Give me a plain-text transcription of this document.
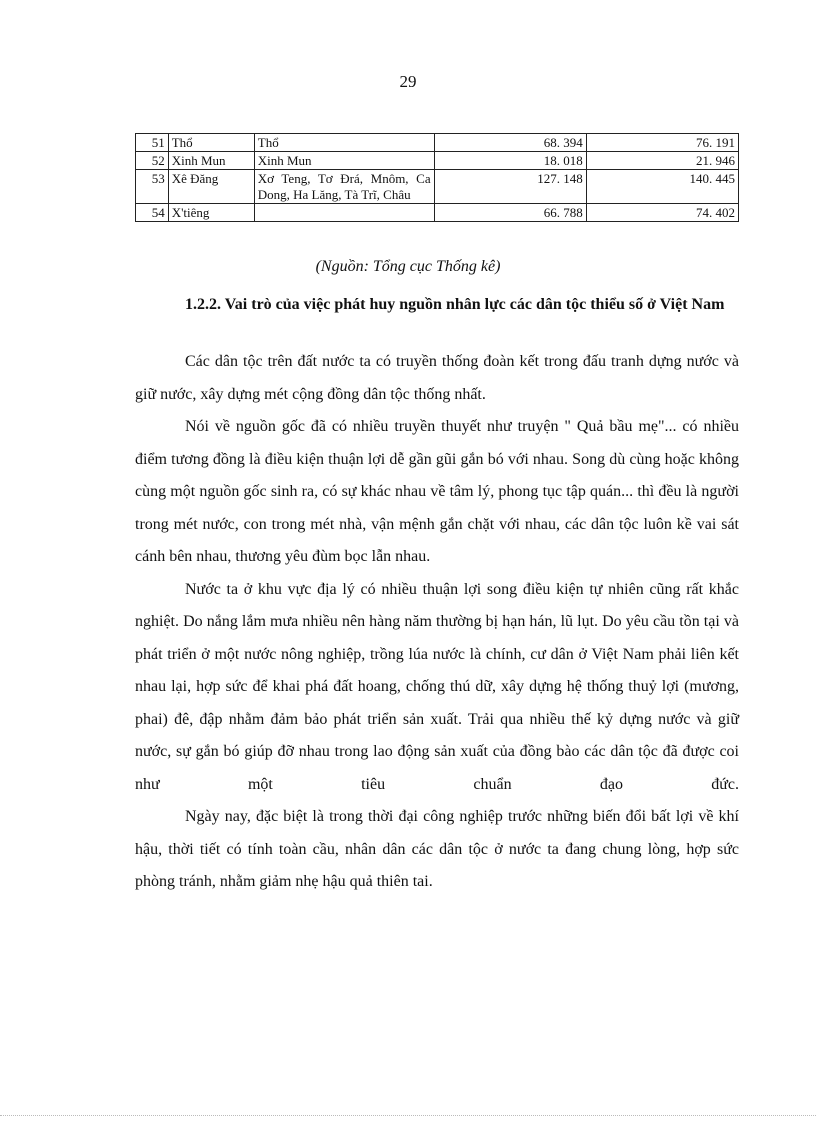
29
51	Thổ	Thổ	68. 394	76. 191
52	Xinh Mun	Xinh Mun	18. 018	21. 946
53	Xê Đăng	Xơ Teng, Tơ Đrá, Mnôm, Ca Dong, Ha Lăng, Tà Trĩ, Châu	127. 148	140. 445
54	X'tiêng		66. 788	74. 402
(Nguồn: Tổng cục Thống kê)

1.2.2. Vai trò của việc phát huy nguồn nhân lực các dân tộc thiểu số ở Việt Nam

Các dân tộc trên đất nước ta có truyền thống đoàn kết trong đấu tranh dựng nước và giữ nước, xây dựng mét cộng đồng dân tộc thống nhất.

Nói về nguồn gốc đã có nhiều truyền thuyết như truyện " Quả bầu mẹ"... có nhiều điểm tương đồng là điều kiện thuận lợi dễ gần gũi gắn bó với nhau. Song dù cùng hoặc không cùng một nguồn gốc sinh ra, có sự khác nhau về tâm lý, phong tục tập quán... thì đều là người trong mét nước, con trong mét nhà, vận mệnh gắn chặt với nhau, các dân tộc luôn kề vai sát cánh bên nhau, thương yêu đùm bọc lẫn nhau.

Nước ta ở khu vực địa lý có nhiều thuận lợi song điều kiện tự nhiên cũng rất khắc nghiệt. Do nắng lắm mưa nhiều nên hàng năm thường bị hạn hán, lũ lụt. Do yêu cầu tồn tại và phát triển ở một nước nông nghiệp, trồng lúa nước là chính, cư dân ở Việt Nam phải liên kết nhau lại, hợp sức để khai phá đất hoang, chống thú dữ, xây dựng hệ thống thuỷ lợi (mương, phai) đê, đập nhằm đảm bảo phát triển sản xuất. Trải qua nhiều thế kỷ dựng nước và giữ nước, sự gắn bó giúp đỡ nhau trong lao động sản xuất của đồng bào các dân tộc đã được coi như một tiêu chuẩn đạo đức.

Ngày nay, đặc biệt là trong thời đại công nghiệp trước những biến đổi bất lợi về khí hậu, thời tiết có tính toàn cầu, nhân dân các dân tộc ở nước ta đang chung lòng, hợp sức phòng tránh, nhằm giảm nhẹ hậu quả thiên tai.
